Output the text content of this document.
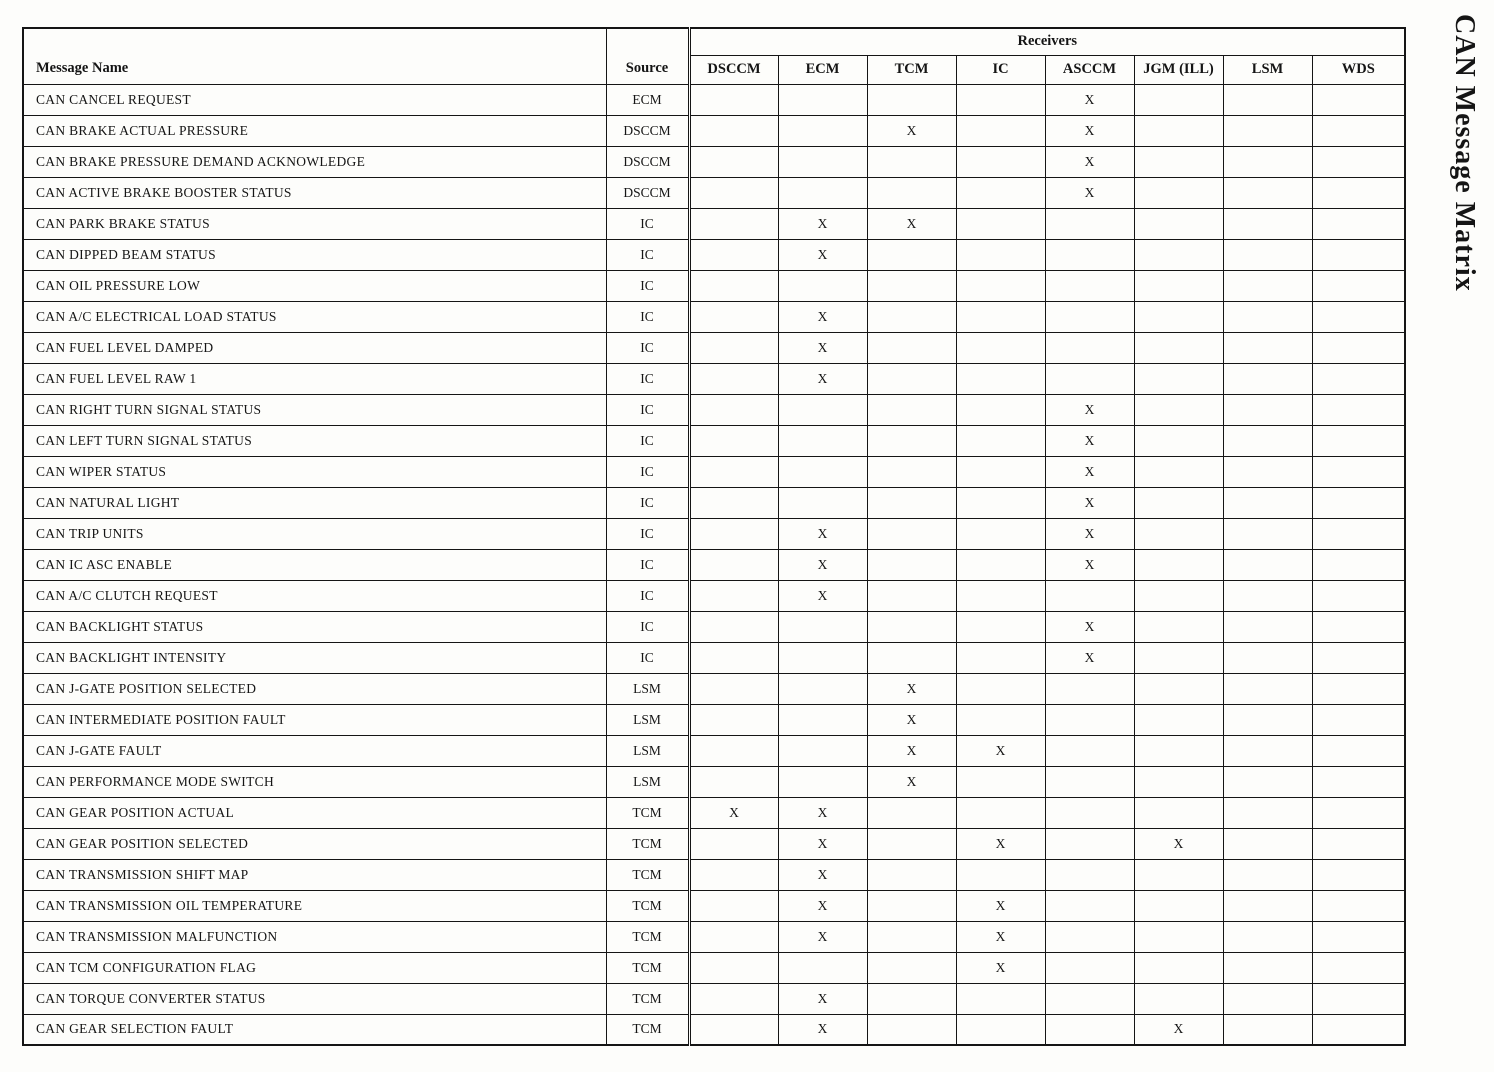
Message Name	Source	Receivers							
		DSCCM	ECM	TCM	IC	ASCCM	JGM (ILL)	LSM	WDS
CAN CANCEL REQUEST	ECM					X			
CAN BRAKE ACTUAL PRESSURE	DSCCM			X		X			
CAN BRAKE PRESSURE DEMAND ACKNOWLEDGE	DSCCM					X			
CAN ACTIVE BRAKE BOOSTER STATUS	DSCCM					X			
CAN PARK BRAKE STATUS	IC		X	X					
CAN DIPPED BEAM STATUS	IC		X						
CAN OIL PRESSURE LOW	IC								
CAN A/C ELECTRICAL LOAD STATUS	IC		X						
CAN FUEL LEVEL DAMPED	IC		X						
CAN FUEL LEVEL RAW 1	IC		X						
CAN RIGHT TURN SIGNAL STATUS	IC					X			
CAN LEFT TURN SIGNAL STATUS	IC					X			
CAN WIPER STATUS	IC					X			
CAN NATURAL LIGHT	IC					X			
CAN TRIP UNITS	IC		X			X			
CAN IC ASC ENABLE	IC		X			X			
CAN A/C CLUTCH REQUEST	IC		X						
CAN BACKLIGHT STATUS	IC					X			
CAN BACKLIGHT INTENSITY	IC					X			
CAN J-GATE POSITION SELECTED	LSM			X					
CAN INTERMEDIATE POSITION FAULT	LSM			X					
CAN J-GATE FAULT	LSM			X	X				
CAN PERFORMANCE MODE SWITCH	LSM			X					
CAN GEAR POSITION ACTUAL	TCM	X	X						
CAN GEAR POSITION SELECTED	TCM		X		X		X		
CAN TRANSMISSION SHIFT MAP	TCM		X						
CAN TRANSMISSION OIL TEMPERATURE	TCM		X		X				
CAN TRANSMISSION MALFUNCTION	TCM		X		X				
CAN TCM CONFIGURATION FLAG	TCM				X				
CAN TORQUE CONVERTER STATUS	TCM		X						
CAN GEAR SELECTION FAULT	TCM		X				X		
CAN Message Matrix
